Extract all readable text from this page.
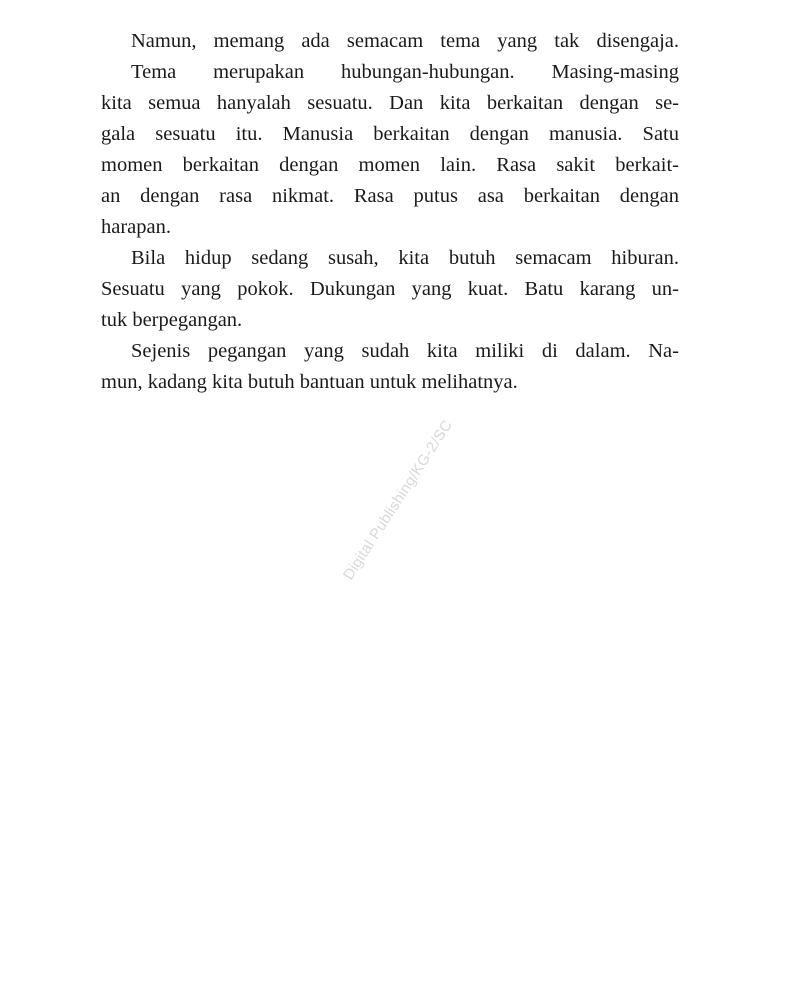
Namun, memang ada semacam tema yang tak disengaja.
Tema merupakan hubungan-hubungan. Masing-masing
kita semua hanyalah sesuatu. Dan kita berkaitan dengan se-
gala sesuatu itu. Manusia berkaitan dengan manusia. Satu
momen berkaitan dengan momen lain. Rasa sakit berkait-
an dengan rasa nikmat. Rasa putus asa berkaitan dengan
harapan.
Bila hidup sedang susah, kita butuh semacam hiburan.
Sesuatu yang pokok. Dukungan yang kuat. Batu karang un-
tuk berpegangan.
Sejenis pegangan yang sudah kita miliki di dalam. Na-
mun, kadang kita butuh bantuan untuk melihatnya.
Digital Publishing/KG-2/SC
